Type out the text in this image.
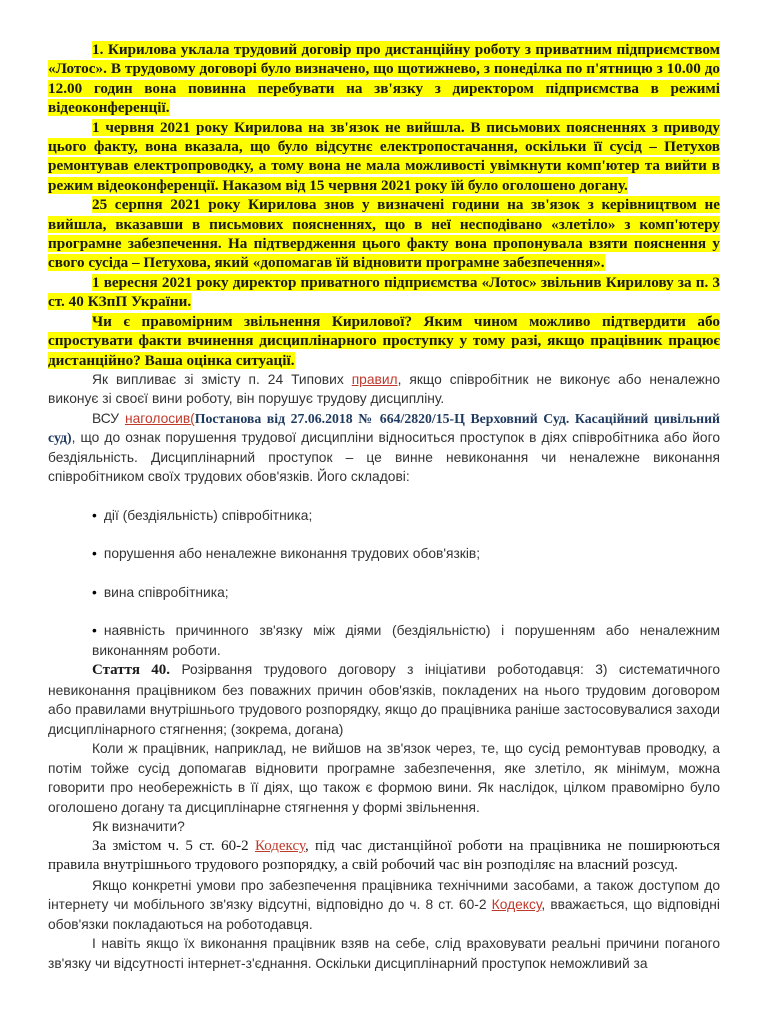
1. Кирилова уклала трудовий договір про дистанційну роботу з приватним підприємством «Лотос». В трудовому договорі було визначено, що щотижнево, з понеділка по п'ятницю з 10.00 до 12.00 годин вона повинна перебувати на зв'язку з директором підприємства в режимі відеоконференції.

1 червня 2021 року Кирилова на зв'язок не вийшла. В письмових поясненнях з приводу цього факту, вона вказала, що було відсутнє електропостачання, оскільки її сусід – Петухов ремонтував електропроводку, а тому вона не мала можливості увімкнути комп'ютер та вийти в режим відеоконференції. Наказом від 15 червня 2021 року їй було оголошено догану.

25 серпня 2021 року Кирилова знов у визначені години на зв'язок з керівництвом не вийшла, вказавши в письмових поясненнях, що в неї несподівано «злетіло» з комп'ютеру програмне забезпечення. На підтвердження цього факту вона пропонувала взяти пояснення у свого сусіда – Петухова, який «допомагав їй відновити програмне забезпечення».

1 вересня 2021 року директор приватного підприємства «Лотос» звільнив Кирилову за п. 3 ст. 40 КЗпП України.

Чи є правомірним звільнення Кирилової? Яким чином можливо підтвердити або спростувати факти вчинення дисциплінарного проступку у тому разі, якщо працівник працює дистанційно? Ваша оцінка ситуації.

Як випливає зі змісту п. 24 Типових правил, якщо співробітник не виконує або неналежно виконує зі своєї вини роботу, він порушує трудову дисципліну.

ВСУ наголосив(Постанова від 27.06.2018 № 664/2820/15-Ц Верховний Суд. Касаційний цивільний суд), що до ознак порушення трудової дисципліни відноситься проступок в діях співробітника або його бездіяльність. Дисциплінарний проступок – це винне невиконання чи неналежне виконання співробітником своїх трудових обов'язків. Його складові:

• дії (бездіяльність) співробітника;

• порушення або неналежне виконання трудових обов'язків;

• вина співробітника;

• наявність причинного зв'язку між діями (бездіяльністю) і порушенням або неналежним виконанням роботи.

Стаття 40. Розірвання трудового договору з ініціативи роботодавця: 3) систематичного невиконання працівником без поважних причин обов'язків, покладених на нього трудовим договором або правилами внутрішнього трудового розпорядку, якщо до працівника раніше застосовувалися заходи дисциплінарного стягнення; (зокрема, догана)

Коли ж працівник, наприклад, не вийшов на зв'язок через, те, що сусід ремонтував проводку, а потім тойже сусід допомагав відновити програмне забезпечення, яке злетіло, як мінімум, можна говорити про необережність в її діях, що також є формою вини. Як наслідок, цілком правомірно було оголошено догану та дисциплінарне стягнення у формі звільнення.

Як визначити?

За змістом ч. 5 ст. 60-2 Кодексу, під час дистанційної роботи на працівника не поширюються правила внутрішнього трудового розпорядку, а свій робочий час він розподіляє на власний розсуд.

Якщо конкретні умови про забезпечення працівника технічними засобами, а також доступом до інтернету чи мобільного зв'язку відсутні, відповідно до ч. 8 ст. 60-2 Кодексу, вважається, що відповідні обов'язки покладаються на роботодавця.

І навіть якщо їх виконання працівник взяв на себе, слід враховувати реальні причини поганого зв'язку чи відсутності інтернет-з'єднання. Оскільки дисциплінарний проступок неможливий за
